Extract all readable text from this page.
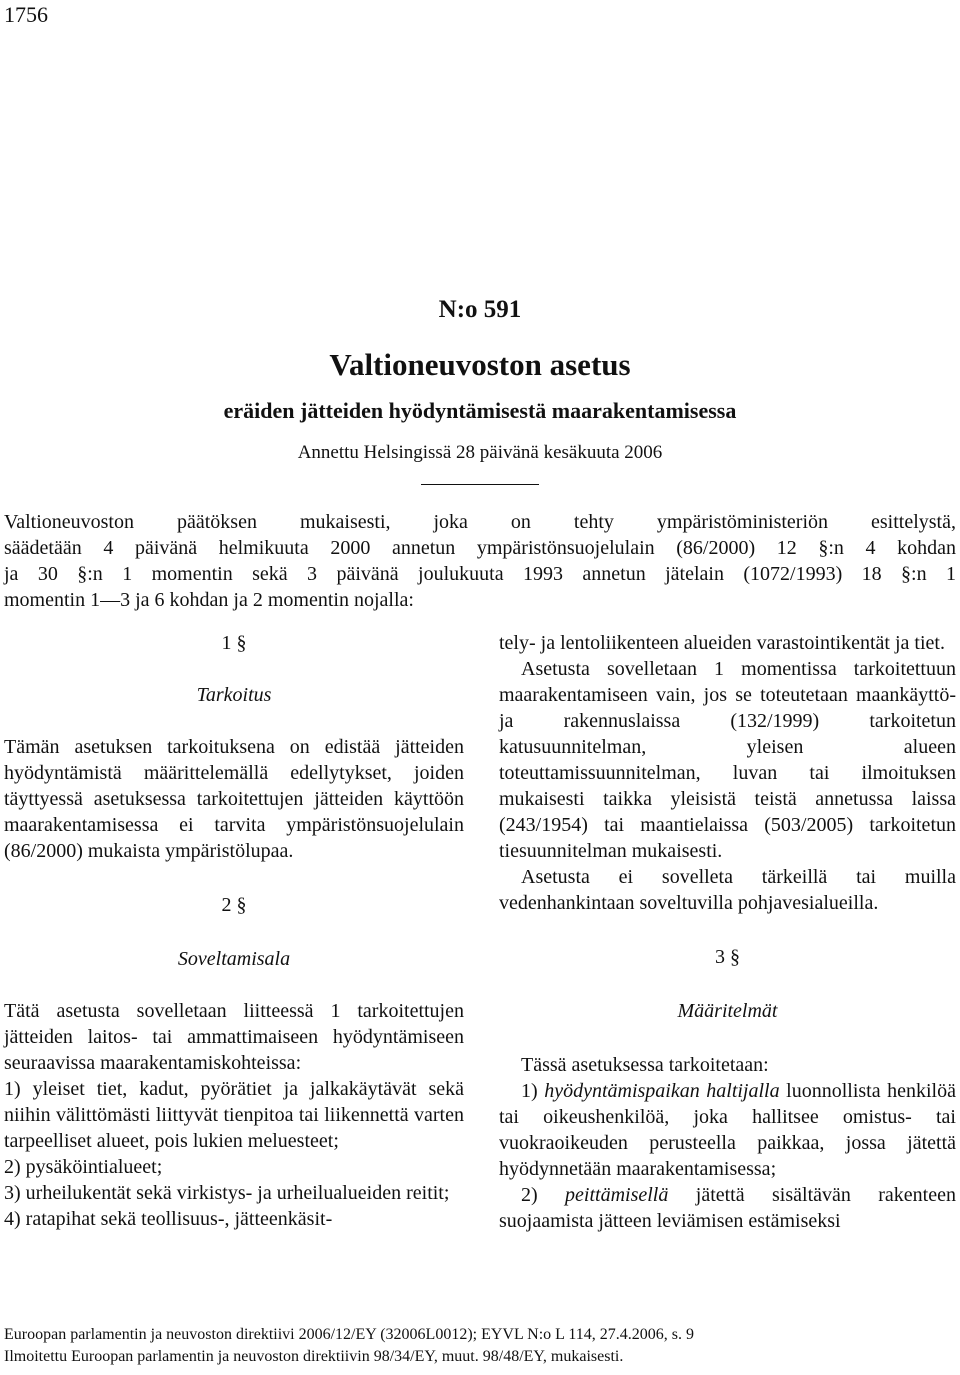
1756
N:o 591
Valtioneuvoston asetus
eräiden jätteiden hyödyntämisestä maarakentamisessa
Annettu Helsingissä 28 päivänä kesäkuuta 2006
Valtioneuvoston päätöksen mukaisesti, joka on tehty ympäristöministeriön esittelystä,
säädetään 4 päivänä helmikuuta 2000 annetun ympäristönsuojelulain (86/2000) 12 §:n 4 kohdan
ja 30 §:n 1 momentin sekä 3 päivänä joulukuuta 1993 annetun jätelain (1072/1993) 18 §:n 1
momentin 1—3 ja 6 kohdan ja 2 momentin nojalla:
1 §
Tarkoitus

Tämän asetuksen tarkoituksena on edistää jätteiden hyödyntämistä määrittelemällä edellytykset, joiden täyttyessä asetuksessa tarkoitettujen jätteiden käyttöön maarakentamisessa ei tarvita ympäristönsuojelulain (86/2000) mukaista ympäristölupaa.

2 §
Soveltamisala

Tätä asetusta sovelletaan liitteessä 1 tarkoitettujen jätteiden laitos- tai ammattimaiseen hyödyntämiseen seuraavissa maarakentamiskohteissa:

1) yleiset tiet, kadut, pyörätiet ja jalkakäytävät sekä niihin välittömästi liittyvät tienpitoa tai liikennettä varten tarpeelliset alueet, pois lukien meluesteet;

2) pysäköintialueet;

3) urheilukentät sekä virkistys- ja urheilualueiden reitit;

4) ratapihat sekä teollisuus-, jätteenkäsit-

tely- ja lentoliikenteen alueiden varastointikentät ja tiet.

Asetusta sovelletaan 1 momentissa tarkoitettuun maarakentamiseen vain, jos se toteutetaan maankäyttö- ja rakennuslaissa (132/1999) tarkoitetun katusuunnitelman, yleisen alueen toteuttamissuunnitelman, luvan tai ilmoituksen mukaisesti taikka yleisistä teistä annetussa laissa (243/1954) tai maantielaissa (503/2005) tarkoitetun tiesuunnitelman mukaisesti.

Asetusta ei sovelleta tärkeillä tai muilla vedenhankintaan soveltuvilla pohjavesialueilla.

3 §
Määritelmät

Tässä asetuksessa tarkoitetaan:

1) hyödyntämispaikan haltijalla luonnollista henkilöä tai oikeushenkilöä, joka hallitsee omistus- tai vuokraoikeuden perusteella paikkaa, jossa jätettä hyödynnetään maarakentamisessa;

2) peittämisellä jätettä sisältävän rakenteen suojaamista jätteen leviämisen estämiseksi

Euroopan parlamentin ja neuvoston direktiivi 2006/12/EY (32006L0012); EYVL N:o L 114, 27.4.2006, s. 9
Ilmoitettu Euroopan parlamentin ja neuvoston direktiivin 98/34/EY, muut. 98/48/EY, mukaisesti.
